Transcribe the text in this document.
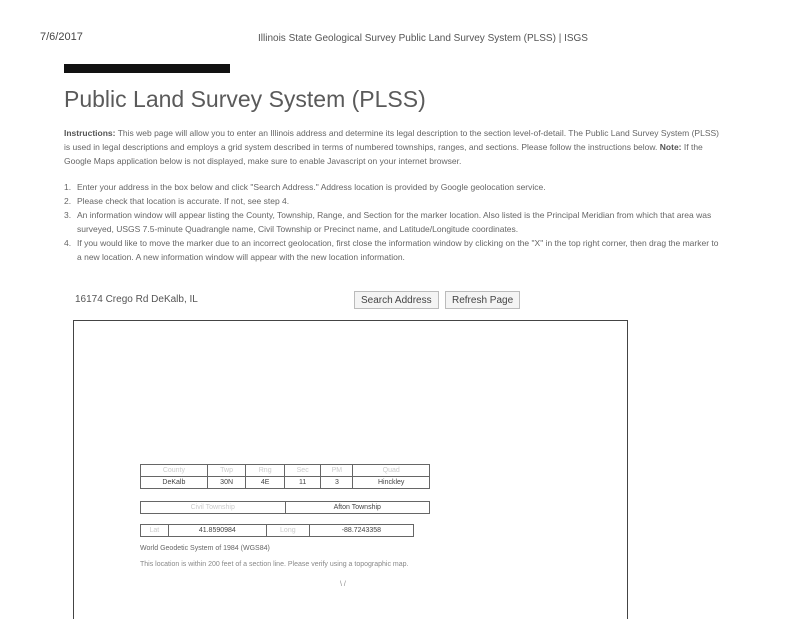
7/6/2017	Illinois State Geological Survey Public Land Survey System (PLSS) | ISGS
Public Land Survey System (PLSS)
Instructions: This web page will allow you to enter an Illinois address and determine its legal description to the section level-of-detail. The Public Land Survey System (PLSS) is used in legal descriptions and employs a grid system described in terms of numbered townships, ranges, and sections. Please follow the instructions below. Note: If the Google Maps application below is not displayed, make sure to enable Javascript on your internet browser.
1. Enter your address in the box below and click "Search Address." Address location is provided by Google geolocation service.
2. Please check that location is accurate. If not, see step 4.
3. An information window will appear listing the County, Township, Range, and Section for the marker location. Also listed is the Principal Meridian from which that area was surveyed, USGS 7.5-minute Quadrangle name, Civil Township or Precinct name, and Latitude/Longitude coordinates.
4. If you would like to move the marker due to an incorrect geolocation, first close the information window by clicking on the "X" in the top right corner, then drag the marker to a new location. A new information window will appear with the new location information.
16174 Crego Rd DeKalb, IL	Search Address	Refresh Page
County	Twp	Rng	Sec	PM	Quad
DeKalb	30N	4E	11	3	Hinckley
Civil Township	Afton Township
Lat	41.8590984	Long	-88.7243358
World Geodetic System of 1984 (WGS84)
This location is within 200 feet of a section line. Please verify using a topographic map.
\ /
